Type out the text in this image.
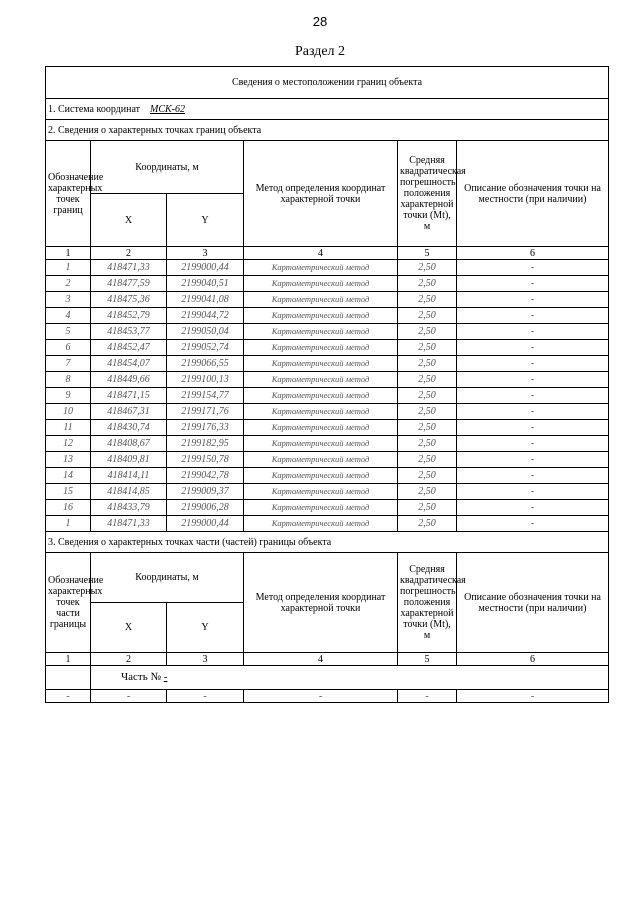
28
Раздел 2
Сведения о местоположении границ объекта					
1. Система координат МСК-62					
2. Сведения о характерных точках границ объекта					
Обозначение характерных точек границ	Координаты, м		Метод определения координат характерной точки	Средняя квадратическая погрешность положения характерной точки (Mt), м	Описание обозначения точки на местности (при наличии)
	X	Y			
1	2	3	4	5	6
1	418471,33	2199000,44	Картометрический метод	2,50	-
2	418477,59	2199040,51	Картометрический метод	2,50	-
3	418475,36	2199041,08	Картометрический метод	2,50	-
4	418452,79	2199044,72	Картометрический метод	2,50	-
5	418453,77	2199050,04	Картометрический метод	2,50	-
6	418452,47	2199052,74	Картометрический метод	2,50	-
7	418454,07	2199066,55	Картометрический метод	2,50	-
8	418449,66	2199100,13	Картометрический метод	2,50	-
9	418471,15	2199154,77	Картометрический метод	2,50	-
10	418467,31	2199171,76	Картометрический метод	2,50	-
11	418430,74	2199176,33	Картометрический метод	2,50	-
12	418408,67	2199182,95	Картометрический метод	2,50	-
13	418409,81	2199150,78	Картометрический метод	2,50	-
14	418414,11	2199042,78	Картометрический метод	2,50	-
15	418414,85	2199009,37	Картометрический метод	2,50	-
16	418433,79	2199006,28	Картометрический метод	2,50	-
1	418471,33	2199000,44	Картометрический метод	2,50	-
3. Сведения о характерных точках части (частей) границы объекта					
Обозначение характерных точек части границы	Координаты, м		Метод определения координат характерной точки	Средняя квадратическая погрешность положения характерной точки (Mt), м	Описание обозначения точки на местности (при наличии)
	X	Y			
1	2	3	4	5	6
	Часть № -				
-	-	-	-	-	-
